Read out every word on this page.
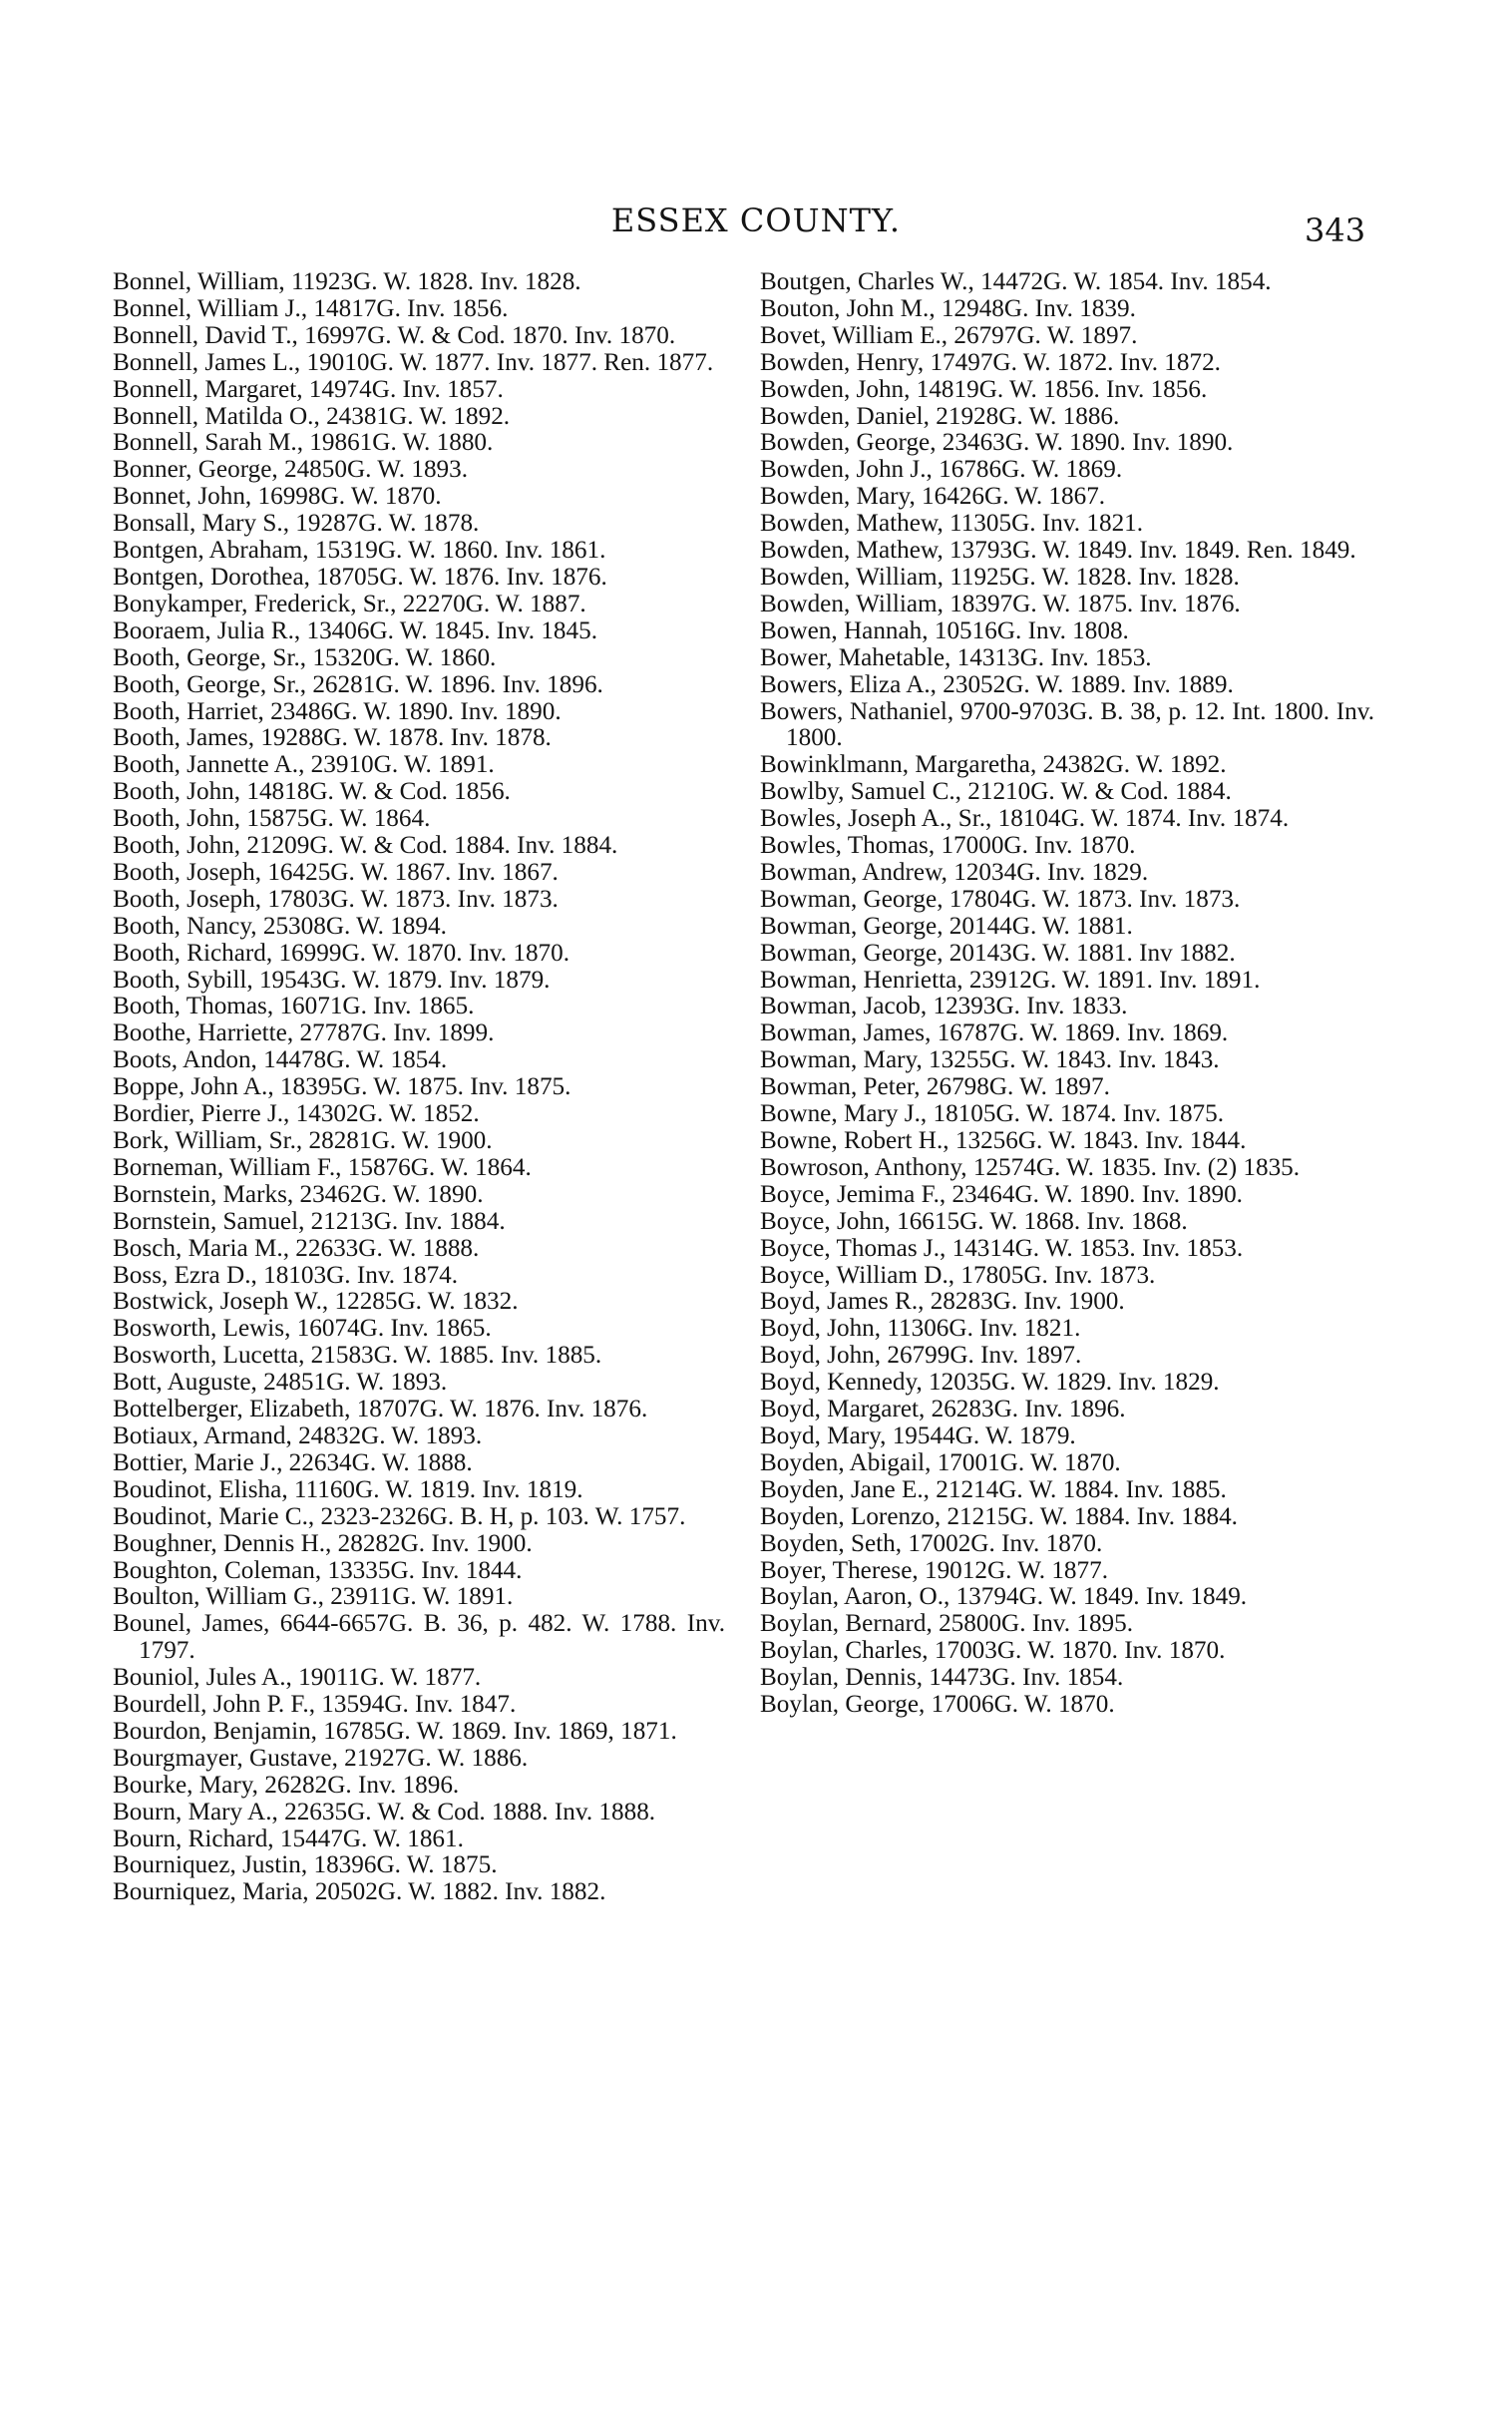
ESSEX COUNTY.	343

Bonnel, William, 11923G. W. 1828. Inv. 1828.

Bonnel, William J., 14817G. Inv. 1856.

Bonnell, David T., 16997G. W. & Cod. 1870. Inv. 1870.

Bonnell, James L., 19010G. W. 1877. Inv. 1877. Ren. 1877.

Bonnell, Margaret, 14974G. Inv. 1857.

Bonnell, Matilda O., 24381G. W. 1892.

Bonnell, Sarah M., 19861G. W. 1880.

Bonner, George, 24850G. W. 1893.

Bonnet, John, 16998G. W. 1870.

Bonsall, Mary S., 19287G. W. 1878.

Bontgen, Abraham, 15319G. W. 1860. Inv. 1861.

Bontgen, Dorothea, 18705G. W. 1876. Inv. 1876.

Bonykamper, Frederick, Sr., 22270G. W. 1887.

Booraem, Julia R., 13406G. W. 1845. Inv. 1845.

Booth, George, Sr., 15320G. W. 1860.

Booth, George, Sr., 26281G. W. 1896. Inv. 1896.

Booth, Harriet, 23486G. W. 1890. Inv. 1890.

Booth, James, 19288G. W. 1878. Inv. 1878.

Booth, Jannette A., 23910G. W. 1891.

Booth, John, 14818G. W. & Cod. 1856.

Booth, John, 15875G. W. 1864.

Booth, John, 21209G. W. & Cod. 1884. Inv. 1884.

Booth, Joseph, 16425G. W. 1867. Inv. 1867.

Booth, Joseph, 17803G. W. 1873. Inv. 1873.

Booth, Nancy, 25308G. W. 1894.

Booth, Richard, 16999G. W. 1870. Inv. 1870.

Booth, Sybill, 19543G. W. 1879. Inv. 1879.

Booth, Thomas, 16071G. Inv. 1865.

Boothe, Harriette, 27787G. Inv. 1899.

Boots, Andon, 14478G. W. 1854.

Boppe, John A., 18395G. W. 1875. Inv. 1875.

Bordier, Pierre J., 14302G. W. 1852.

Bork, William, Sr., 28281G. W. 1900.

Borneman, William F., 15876G. W. 1864.

Bornstein, Marks, 23462G. W. 1890.

Bornstein, Samuel, 21213G. Inv. 1884.

Bosch, Maria M., 22633G. W. 1888.

Boss, Ezra D., 18103G. Inv. 1874.

Bostwick, Joseph W., 12285G. W. 1832.

Bosworth, Lewis, 16074G. Inv. 1865.

Bosworth, Lucetta, 21583G. W. 1885. Inv. 1885.

Bott, Auguste, 24851G. W. 1893.

Bottelberger, Elizabeth, 18707G. W. 1876. Inv. 1876.

Botiaux, Armand, 24832G. W. 1893.

Bottier, Marie J., 22634G. W. 1888.

Boudinot, Elisha, 11160G. W. 1819. Inv. 1819.

Boudinot, Marie C., 2323-2326G. B. H, p. 103. W. 1757.

Boughner, Dennis H., 28282G. Inv. 1900.

Boughton, Coleman, 13335G. Inv. 1844.

Boulton, William G., 23911G. W. 1891.

Bounel, James, 6644-6657G. B. 36, p. 482. W. 1788. Inv. 1797.

Bouniol, Jules A., 19011G. W. 1877.

Bourdell, John P. F., 13594G. Inv. 1847.

Bourdon, Benjamin, 16785G. W. 1869. Inv. 1869, 1871.

Bourgmayer, Gustave, 21927G. W. 1886.

Bourke, Mary, 26282G. Inv. 1896.

Bourn, Mary A., 22635G. W. & Cod. 1888. Inv. 1888.

Bourn, Richard, 15447G. W. 1861.

Bourniquez, Justin, 18396G. W. 1875.

Bourniquez, Maria, 20502G. W. 1882. Inv. 1882.

Boutgen, Charles W., 14472G. W. 1854. Inv. 1854.

Bouton, John M., 12948G. Inv. 1839.

Bovet, William E., 26797G. W. 1897.

Bowden, Henry, 17497G. W. 1872. Inv. 1872.

Bowden, John, 14819G. W. 1856. Inv. 1856.

Bowden, Daniel, 21928G. W. 1886.

Bowden, George, 23463G. W. 1890. Inv. 1890.

Bowden, John J., 16786G. W. 1869.

Bowden, Mary, 16426G. W. 1867.

Bowden, Mathew, 11305G. Inv. 1821.

Bowden, Mathew, 13793G. W. 1849. Inv. 1849. Ren. 1849.

Bowden, William, 11925G. W. 1828. Inv. 1828.

Bowden, William, 18397G. W. 1875. Inv. 1876.

Bowen, Hannah, 10516G. Inv. 1808.

Bower, Mahetable, 14313G. Inv. 1853.

Bowers, Eliza A., 23052G. W. 1889. Inv. 1889.

Bowers, Nathaniel, 9700-9703G. B. 38, p. 12. Int. 1800. Inv. 1800.

Bowinklmann, Margaretha, 24382G. W. 1892.

Bowlby, Samuel C., 21210G. W. & Cod. 1884.

Bowles, Joseph A., Sr., 18104G. W. 1874. Inv. 1874.

Bowles, Thomas, 17000G. Inv. 1870.

Bowman, Andrew, 12034G. Inv. 1829.

Bowman, George, 17804G. W. 1873. Inv. 1873.

Bowman, George, 20144G. W. 1881.

Bowman, George, 20143G. W. 1881. Inv 1882.

Bowman, Henrietta, 23912G. W. 1891. Inv. 1891.

Bowman, Jacob, 12393G. Inv. 1833.

Bowman, James, 16787G. W. 1869. Inv. 1869.

Bowman, Mary, 13255G. W. 1843. Inv. 1843.

Bowman, Peter, 26798G. W. 1897.

Bowne, Mary J., 18105G. W. 1874. Inv. 1875.

Bowne, Robert H., 13256G. W. 1843. Inv. 1844.

Bowroson, Anthony, 12574G. W. 1835. Inv. (2) 1835.

Boyce, Jemima F., 23464G. W. 1890. Inv. 1890.

Boyce, John, 16615G. W. 1868. Inv. 1868.

Boyce, Thomas J., 14314G. W. 1853. Inv. 1853.

Boyce, William D., 17805G. Inv. 1873.

Boyd, James R., 28283G. Inv. 1900.

Boyd, John, 11306G. Inv. 1821.

Boyd, John, 26799G. Inv. 1897.

Boyd, Kennedy, 12035G. W. 1829. Inv. 1829.

Boyd, Margaret, 26283G. Inv. 1896.

Boyd, Mary, 19544G. W. 1879.

Boyden, Abigail, 17001G. W. 1870.

Boyden, Jane E., 21214G. W. 1884. Inv. 1885.

Boyden, Lorenzo, 21215G. W. 1884. Inv. 1884.

Boyden, Seth, 17002G. Inv. 1870.

Boyer, Therese, 19012G. W. 1877.

Boylan, Aaron, O., 13794G. W. 1849. Inv. 1849.

Boylan, Bernard, 25800G. Inv. 1895.

Boylan, Charles, 17003G. W. 1870. Inv. 1870.

Boylan, Dennis, 14473G. Inv. 1854.

Boylan, George, 17006G. W. 1870.
